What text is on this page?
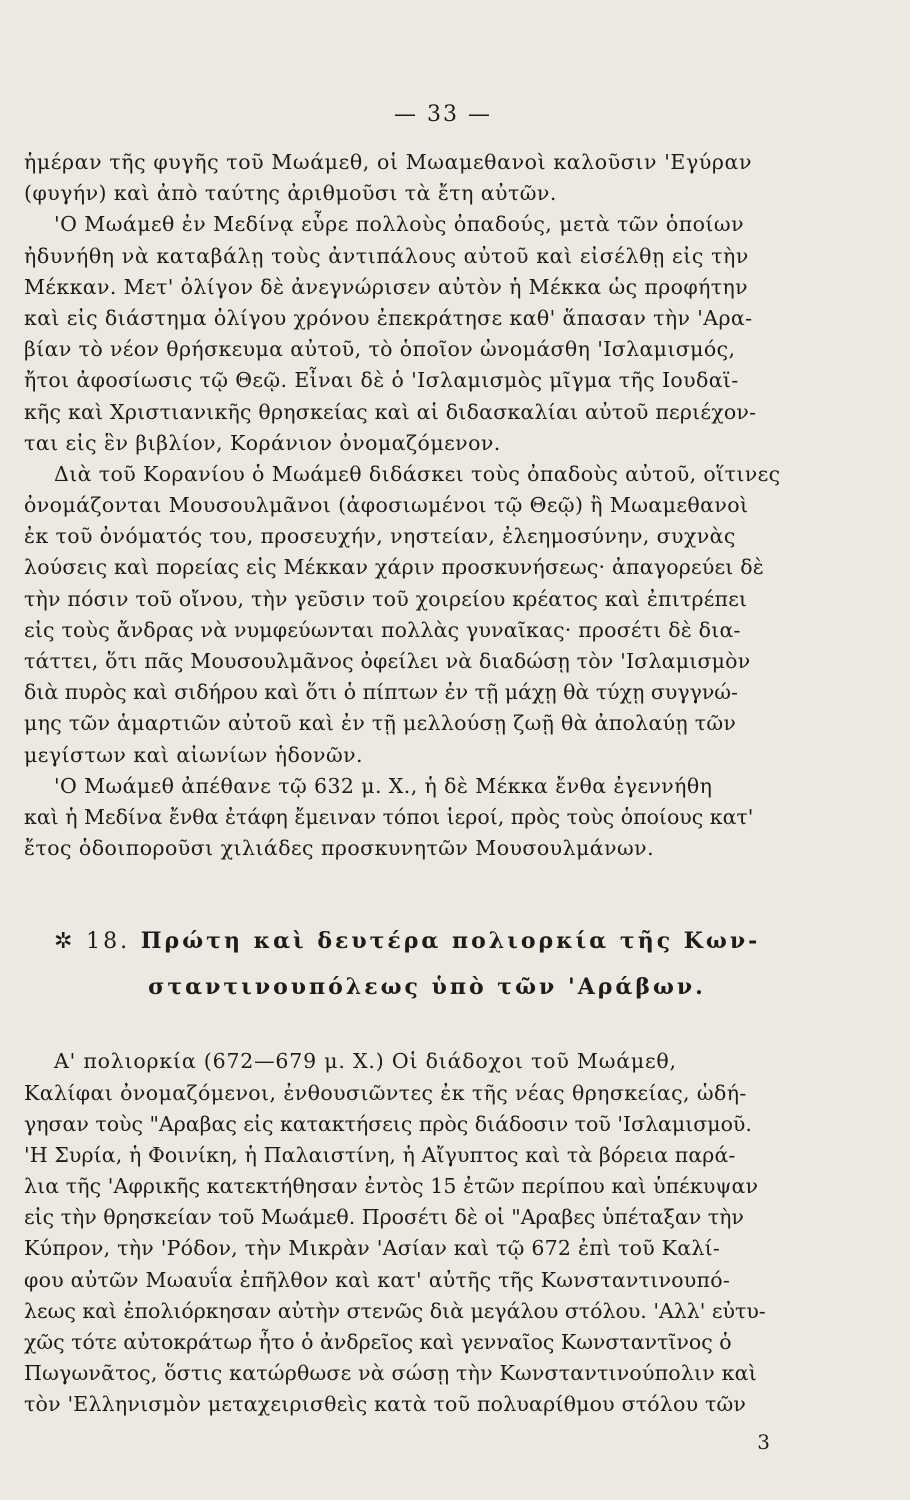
— 33 —
ἡμέραν τῆς φυγῆς τοῦ Μωάμεθ, οἱ Μωαμεθανοὶ καλοῦσιν 'Εγύραν
(φυγήν) καὶ ἀπὸ ταύτης ἀριθμοῦσι τὰ ἔτη αὐτῶν.
'Ο Μωάμεθ ἐν Μεδίνᾳ εὗρε πολλοὺς ὀπαδούς, μετὰ τῶν ὁποίων
ἠδυνήθη νὰ καταβάλῃ τοὺς ἀντιπάλους αὐτοῦ καὶ εἰσέλθῃ εἰς τὴν
Μέκκαν. Μετ' ὀλίγον δὲ ἀνεγνώρισεν αὐτὸν ἡ Μέκκα ὡς προφήτην
καὶ εἰς διάστημα ὀλίγου χρόνου ἐπεκράτησε καθ' ἅπασαν τὴν 'Αρα-
βίαν τὸ νέον θρήσκευμα αὐτοῦ, τὸ ὁποῖον ὠνομάσθη 'Ισλαμισμός,
ἤτοι ἀφοσίωσις τῷ Θεῷ. Εἶναι δὲ ὁ 'Ισλαμισμὸς μῖγμα τῆς Ιουδαϊ-
κῆς καὶ Χριστιανικῆς θρησκείας καὶ αἱ διδασκαλίαι αὐτοῦ περιέχον-
ται εἰς ἓν βιβλίον, Κοράνιον ὀνομαζόμενον.
Διὰ τοῦ Κορανίου ὁ Μωάμεθ διδάσκει τοὺς ὀπαδοὺς αὐτοῦ, οἵτινες
ὀνομάζονται Μουσουλμᾶνοι (ἀφοσιωμένοι τῷ Θεῷ) ἢ Μωαμεθανοὶ
ἐκ τοῦ ὀνόματός του, προσευχήν, νηστείαν, ἐλεημοσύνην, συχνὰς
λούσεις καὶ πορείας εἰς Μέκκαν χάριν προσκυνήσεως· ἀπαγορεύει δὲ
τὴν πόσιν τοῦ οἴνου, τὴν γεῦσιν τοῦ χοιρείου κρέατος καὶ ἐπιτρέπει
εἰς τοὺς ἄνδρας νὰ νυμφεύωνται πολλὰς γυναῖκας· προσέτι δὲ δια-
τάττει, ὅτι πᾶς Μουσουλμᾶνος ὀφείλει νὰ διαδώσῃ τὸν 'Ισλαμισμὸν
διὰ πυρὸς καὶ σιδήρου καὶ ὅτι ὁ πίπτων ἐν τῇ μάχῃ θὰ τύχῃ συγγνώ-
μης τῶν ἁμαρτιῶν αὐτοῦ καὶ ἐν τῇ μελλούσῃ ζωῇ θὰ ἀπολαύῃ τῶν
μεγίστων καὶ αἰωνίων ἡδονῶν.
'Ο Μωάμεθ ἀπέθανε τῷ 632 μ. Χ., ἡ δὲ Μέκκα ἔνθα ἐγεννήθη
καὶ ἡ Μεδίνα ἔνθα ἐτάφη ἔμειναν τόποι ἱεροί, πρὸς τοὺς ὁποίους κατ'
ἔτος ὁδοιποροῦσι χιλιάδες προσκυνητῶν Μουσουλμάνων.
✲ 18. Πρώτη καὶ δευτέρα πολιορκία τῆς Κων-
σταντινουπόλεως ὑπὸ τῶν 'Αράβων.
Α' πολιορκία (672—679 μ. Χ.) Οἱ διάδοχοι τοῦ Μωάμεθ,
Καλίφαι ὀνομαζόμενοι, ἐνθουσιῶντες ἐκ τῆς νέας θρησκείας, ὡδή-
γησαν τοὺς "Αραβας εἰς κατακτήσεις πρὸς διάδοσιν τοῦ 'Ισλαμισμοῦ.
'Η Συρία, ἡ Φοινίκη, ἡ Παλαιστίνη, ἡ Αἴγυπτος καὶ τὰ βόρεια παρά-
λια τῆς 'Αφρικῆς κατεκτήθησαν ἐντὸς 15 ἐτῶν περίπου καὶ ὑπέκυψαν
εἰς τὴν θρησκείαν τοῦ Μωάμεθ. Προσέτι δὲ οἱ "Αραβες ὑπέταξαν τὴν
Κύπρον, τὴν 'Ρόδον, τὴν Μικρὰν 'Ασίαν καὶ τῷ 672 ἐπὶ τοῦ Καλί-
φου αὐτῶν Μωαυΐα ἐπῆλθον καὶ κατ' αὐτῆς τῆς Κωνσταντινουπό-
λεως καὶ ἐπολιόρκησαν αὐτὴν στενῶς διὰ μεγάλου στόλου. 'Αλλ' εὐτυ-
χῶς τότε αὐτοκράτωρ ἦτο ὁ ἀνδρεῖος καὶ γενναῖος Κωνσταντῖνος ὁ
Πωγωνᾶτος, ὅστις κατώρθωσε νὰ σώσῃ τὴν Κωνσταντινούπολιν καὶ
τὸν 'Ελληνισμὸν μεταχειρισθεὶς κατὰ τοῦ πολυαρίθμου στόλου τῶν
3
